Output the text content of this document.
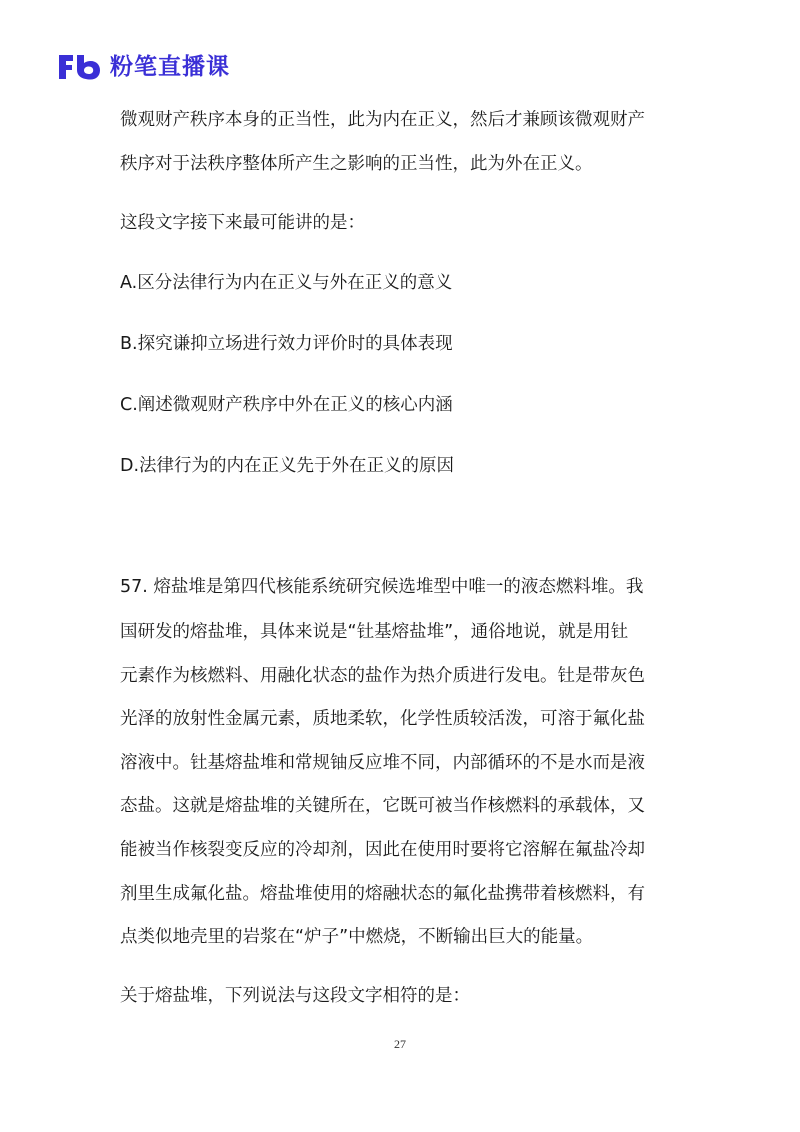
粉笔直播课
微观财产秩序本身的正当性，此为内在正义，然后才兼顾该微观财产
秩序对于法秩序整体所产生之影响的正当性，此为外在正义。
这段文字接下来最可能讲的是：
A.区分法律行为内在正义与外在正义的意义
B.探究谦抑立场进行效力评价时的具体表现
C.阐述微观财产秩序中外在正义的核心内涵
D.法律行为的内在正义先于外在正义的原因
57. 熔盐堆是第四代核能系统研究候选堆型中唯一的液态燃料堆。我
国研发的熔盐堆，具体来说是“钍基熔盐堆”，通俗地说，就是用钍
元素作为核燃料、用融化状态的盐作为热介质进行发电。钍是带灰色
光泽的放射性金属元素，质地柔软，化学性质较活泼，可溶于氟化盐
溶液中。钍基熔盐堆和常规铀反应堆不同，内部循环的不是水而是液
态盐。这就是熔盐堆的关键所在，它既可被当作核燃料的承载体，又
能被当作核裂变反应的冷却剂，因此在使用时要将它溶解在氟盐冷却
剂里生成氟化盐。熔盐堆使用的熔融状态的氟化盐携带着核燃料，有
点类似地壳里的岩浆在“炉子”中燃烧，不断输出巨大的能量。
关于熔盐堆，下列说法与这段文字相符的是：
27
